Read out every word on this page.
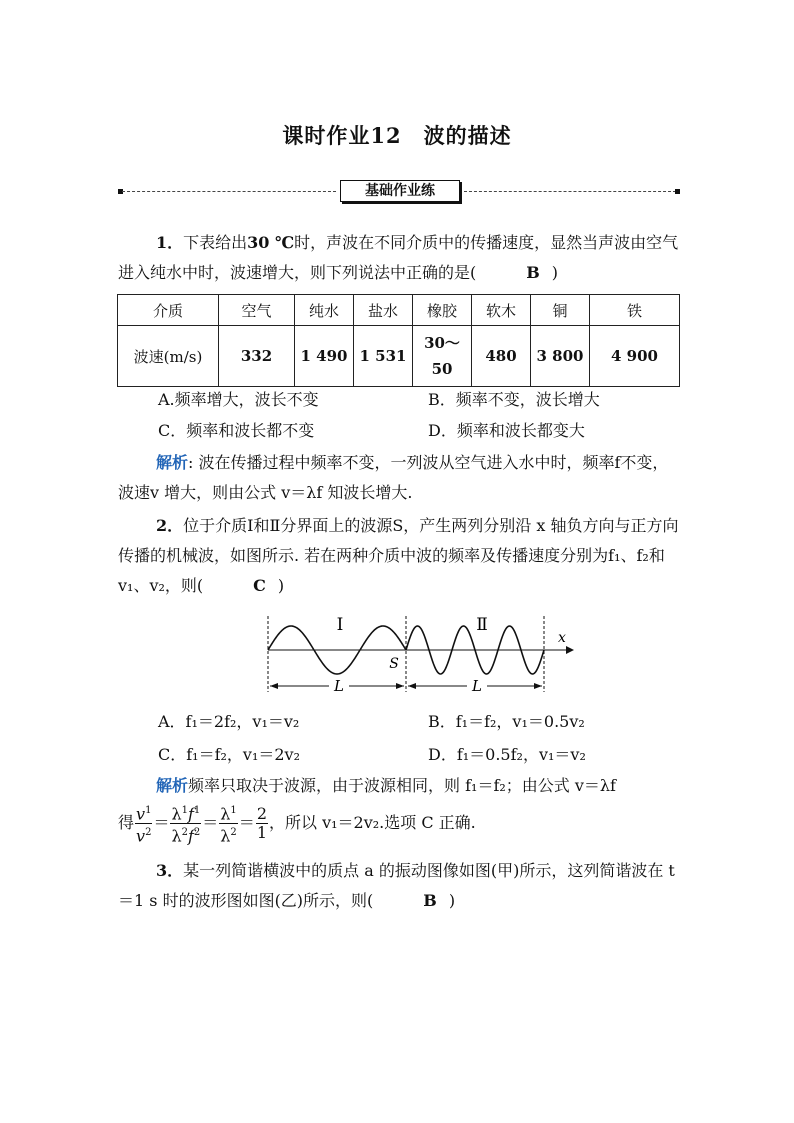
课时作业12　波的描述
基础作业练
1．下表给出30 ℃时，声波在不同介质中的传播速度，显然当声波由空气进入纯水中时，波速增大，则下列说法中正确的是(	B )
介质	空气	纯水	盐水	橡胶	软木	铜	铁
波速(m/s)	332	1 490	1 531	30～50	480	3 800	4 900
A.频率增大，波长不变	B．频率不变，波长增大
C．频率和波长都不变	D．频率和波长都变大
解析: 波在传播过程中频率不变，一列波从空气进入水中时，频率f不变，波速v 增大，则由公式 v＝λf 知波长增大.
2．位于介质Ⅰ和Ⅱ分界面上的波源S，产生两列分别沿 x 轴负方向与正方向传播的机械波，如图所示. 若在两种介质中波的频率及传播速度分别为f₁、f₂和v₁、v₂，则(	C )
Ⅰ	Ⅱ
x
S
L	L
A．f₁＝2f₂，v₁＝v₂	B．f₁＝f₂，v₁＝0.5v₂
C．f₁＝f₂，v₁＝2v₂	D．f₁＝0.5f₂，v₁＝v₂
解析频率只取决于波源，由于波源相同，则 f₁＝f₂；由公式 v＝λf
得 $\frac{v^1}{v^2} = \frac{\lambda^1f^1}{\lambda^2f^2} = \frac{\lambda^1}{\lambda^2} = \frac{2}{1}$ ，所以 v₁＝2v₂.选项 C 正确.
3．某一列简谐横波中的质点 a 的振动图像如图(甲)所示，这列简谐波在 t＝1 s 时的波形图如图(乙)所示，则(	B )
